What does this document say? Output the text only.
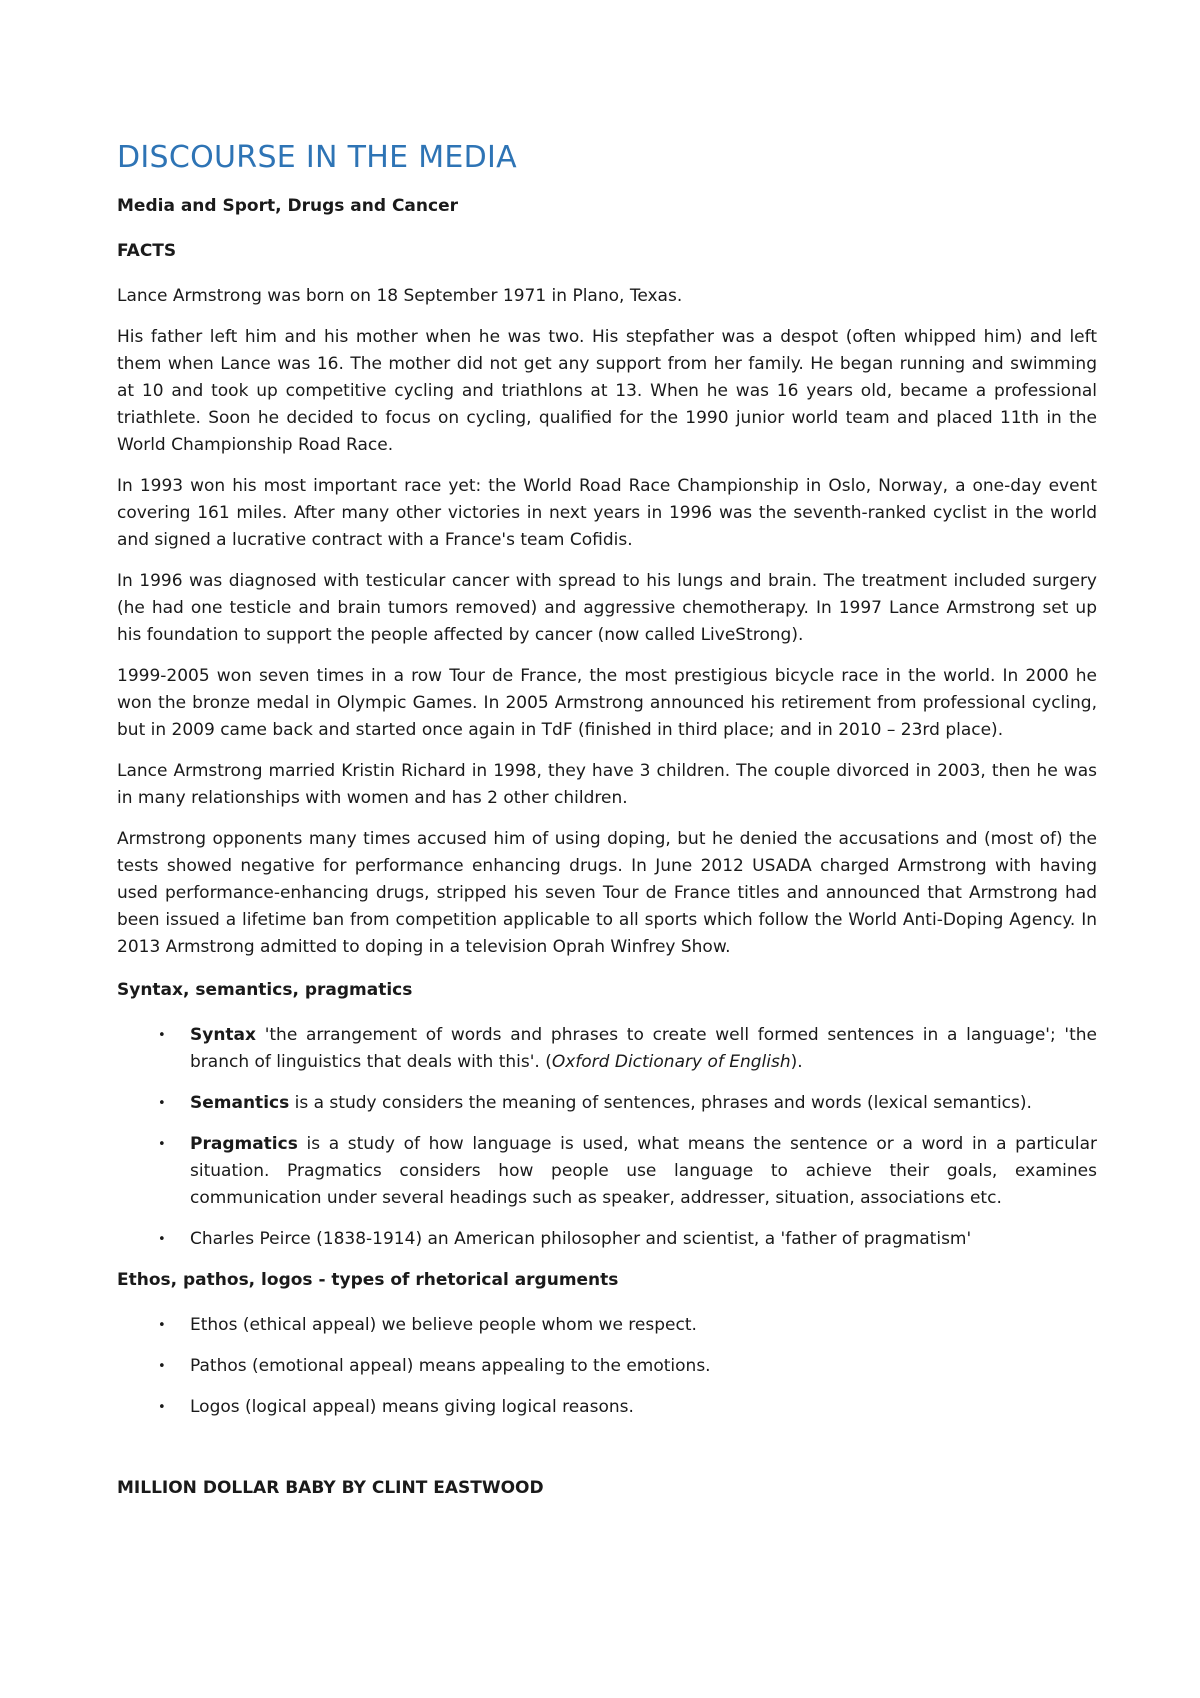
DISCOURSE IN THE MEDIA

Media and Sport, Drugs and Cancer

FACTS

Lance Armstrong was born on 18 September 1971 in Plano, Texas.

His father left him and his mother when he was two. His stepfather was a despot (often whipped him) and left them when Lance was 16. The mother did not get any support from her family. He began running and swimming at 10 and took up competitive cycling and triathlons at 13. When he was 16 years old, became a professional triathlete. Soon he decided to focus on cycling, qualified for the 1990 junior world team and placed 11th in the World Championship Road Race.

In 1993 won his most important race yet: the World Road Race Championship in Oslo, Norway, a one-day event covering 161 miles. After many other victories in next years in 1996 was the seventh-ranked cyclist in the world and signed a lucrative contract with a France's team Cofidis.

In 1996 was diagnosed with testicular cancer with spread to his lungs and brain. The treatment included surgery (he had one testicle and brain tumors removed) and aggressive chemotherapy. In 1997 Lance Armstrong set up his foundation to support the people affected by cancer (now called LiveStrong).

1999-2005 won seven times in a row Tour de France, the most prestigious bicycle race in the world. In 2000 he won the bronze medal in Olympic Games. In 2005 Armstrong announced his retirement from professional cycling, but in 2009 came back and started once again in TdF (finished in third place; and in 2010 – 23rd place).

Lance Armstrong married Kristin Richard in 1998, they have 3 children. The couple divorced in 2003, then he was in many relationships with women and has 2 other children.

Armstrong opponents many times accused him of using doping, but he denied the accusations and (most of) the tests showed negative for performance enhancing drugs. In June 2012 USADA charged Armstrong with having used performance-enhancing drugs, stripped his seven Tour de France titles and announced that Armstrong had been issued a lifetime ban from competition applicable to all sports which follow the World Anti-Doping Agency. In 2013 Armstrong admitted to doping in a television Oprah Winfrey Show.

Syntax, semantics, pragmatics

• Syntax 'the arrangement of words and phrases to create well formed sentences in a language'; 'the branch of linguistics that deals with this'. (Oxford Dictionary of English).
• Semantics is a study considers the meaning of sentences, phrases and words (lexical semantics).
• Pragmatics is a study of how language is used, what means the sentence or a word in a particular situation. Pragmatics considers how people use language to achieve their goals, examines communication under several headings such as speaker, addresser, situation, associations etc.
• Charles Peirce (1838-1914) an American philosopher and scientist, a 'father of pragmatism'

Ethos, pathos, logos - types of rhetorical arguments

• Ethos (ethical appeal) we believe people whom we respect.
• Pathos (emotional appeal) means appealing to the emotions.
• Logos (logical appeal) means giving logical reasons.

MILLION DOLLAR BABY BY CLINT EASTWOOD
